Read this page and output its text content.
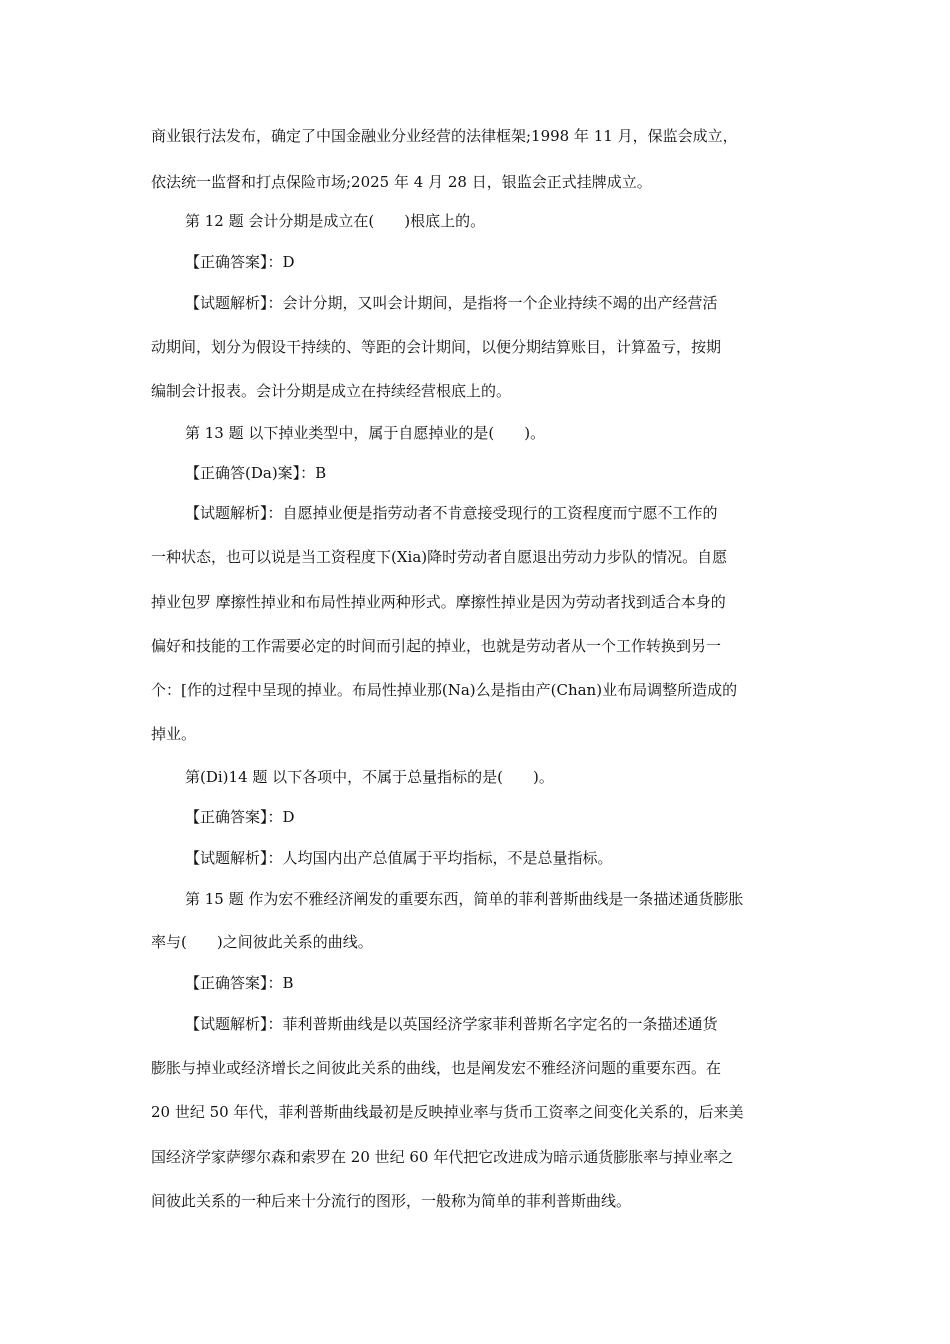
商业银行法发布，确定了中国金融业分业经营的法律框架;1998 年 11 月，保监会成立，
依法统一监督和打点保险市场;2025 年 4 月 28 日，银监会正式挂牌成立。
第 12 题 会计分期是成立在(　　)根底上的。
【正确答案】：D
【试题解析】：会计分期，又叫会计期间，是指将一个企业持续不竭的出产经营活
动期间，划分为假设干持续的、等距的会计期间，以便分期结算账目，计算盈亏，按期
编制会计报表。会计分期是成立在持续经营根底上的。
第 13 题 以下掉业类型中，属于自愿掉业的是(　　)。
【正确答(Da)案】：B
【试题解析】：自愿掉业便是指劳动者不肯意接受现行的工资程度而宁愿不工作的
一种状态，也可以说是当工资程度下(Xia)降时劳动者自愿退出劳动力步队的情况。自愿
掉业包罗 摩擦性掉业和布局性掉业两种形式。摩擦性掉业是因为劳动者找到适合本身的
偏好和技能的工作需要必定的时间而引起的掉业，也就是劳动者从一个工作转换到另一
个：[作的过程中呈现的掉业。布局性掉业那(Na)么是指由产(Chan)业布局调整所造成的
掉业。
第(Di)14 题 以下各项中，不属于总量指标的是(　　)。
【正确答案】：D
【试题解析】：人均国内出产总值属于平均指标，不是总量指标。
第 15 题 作为宏不雅经济阐发的重要东西，简单的菲利普斯曲线是一条描述通货膨胀
率与(　　)之间彼此关系的曲线。
【正确答案】：B
【试题解析】：菲利普斯曲线是以英国经济学家菲利普斯名字定名的一条描述通货
膨胀与掉业或经济增长之间彼此关系的曲线，也是阐发宏不雅经济问题的重要东西。在
20 世纪 50 年代，菲利普斯曲线最初是反映掉业率与货币工资率之间变化关系的，后来美
国经济学家萨缪尔森和索罗在 20 世纪 60 年代把它改进成为暗示通货膨胀率与掉业率之
间彼此关系的一种后来十分流行的图形，一般称为简单的菲利普斯曲线。
